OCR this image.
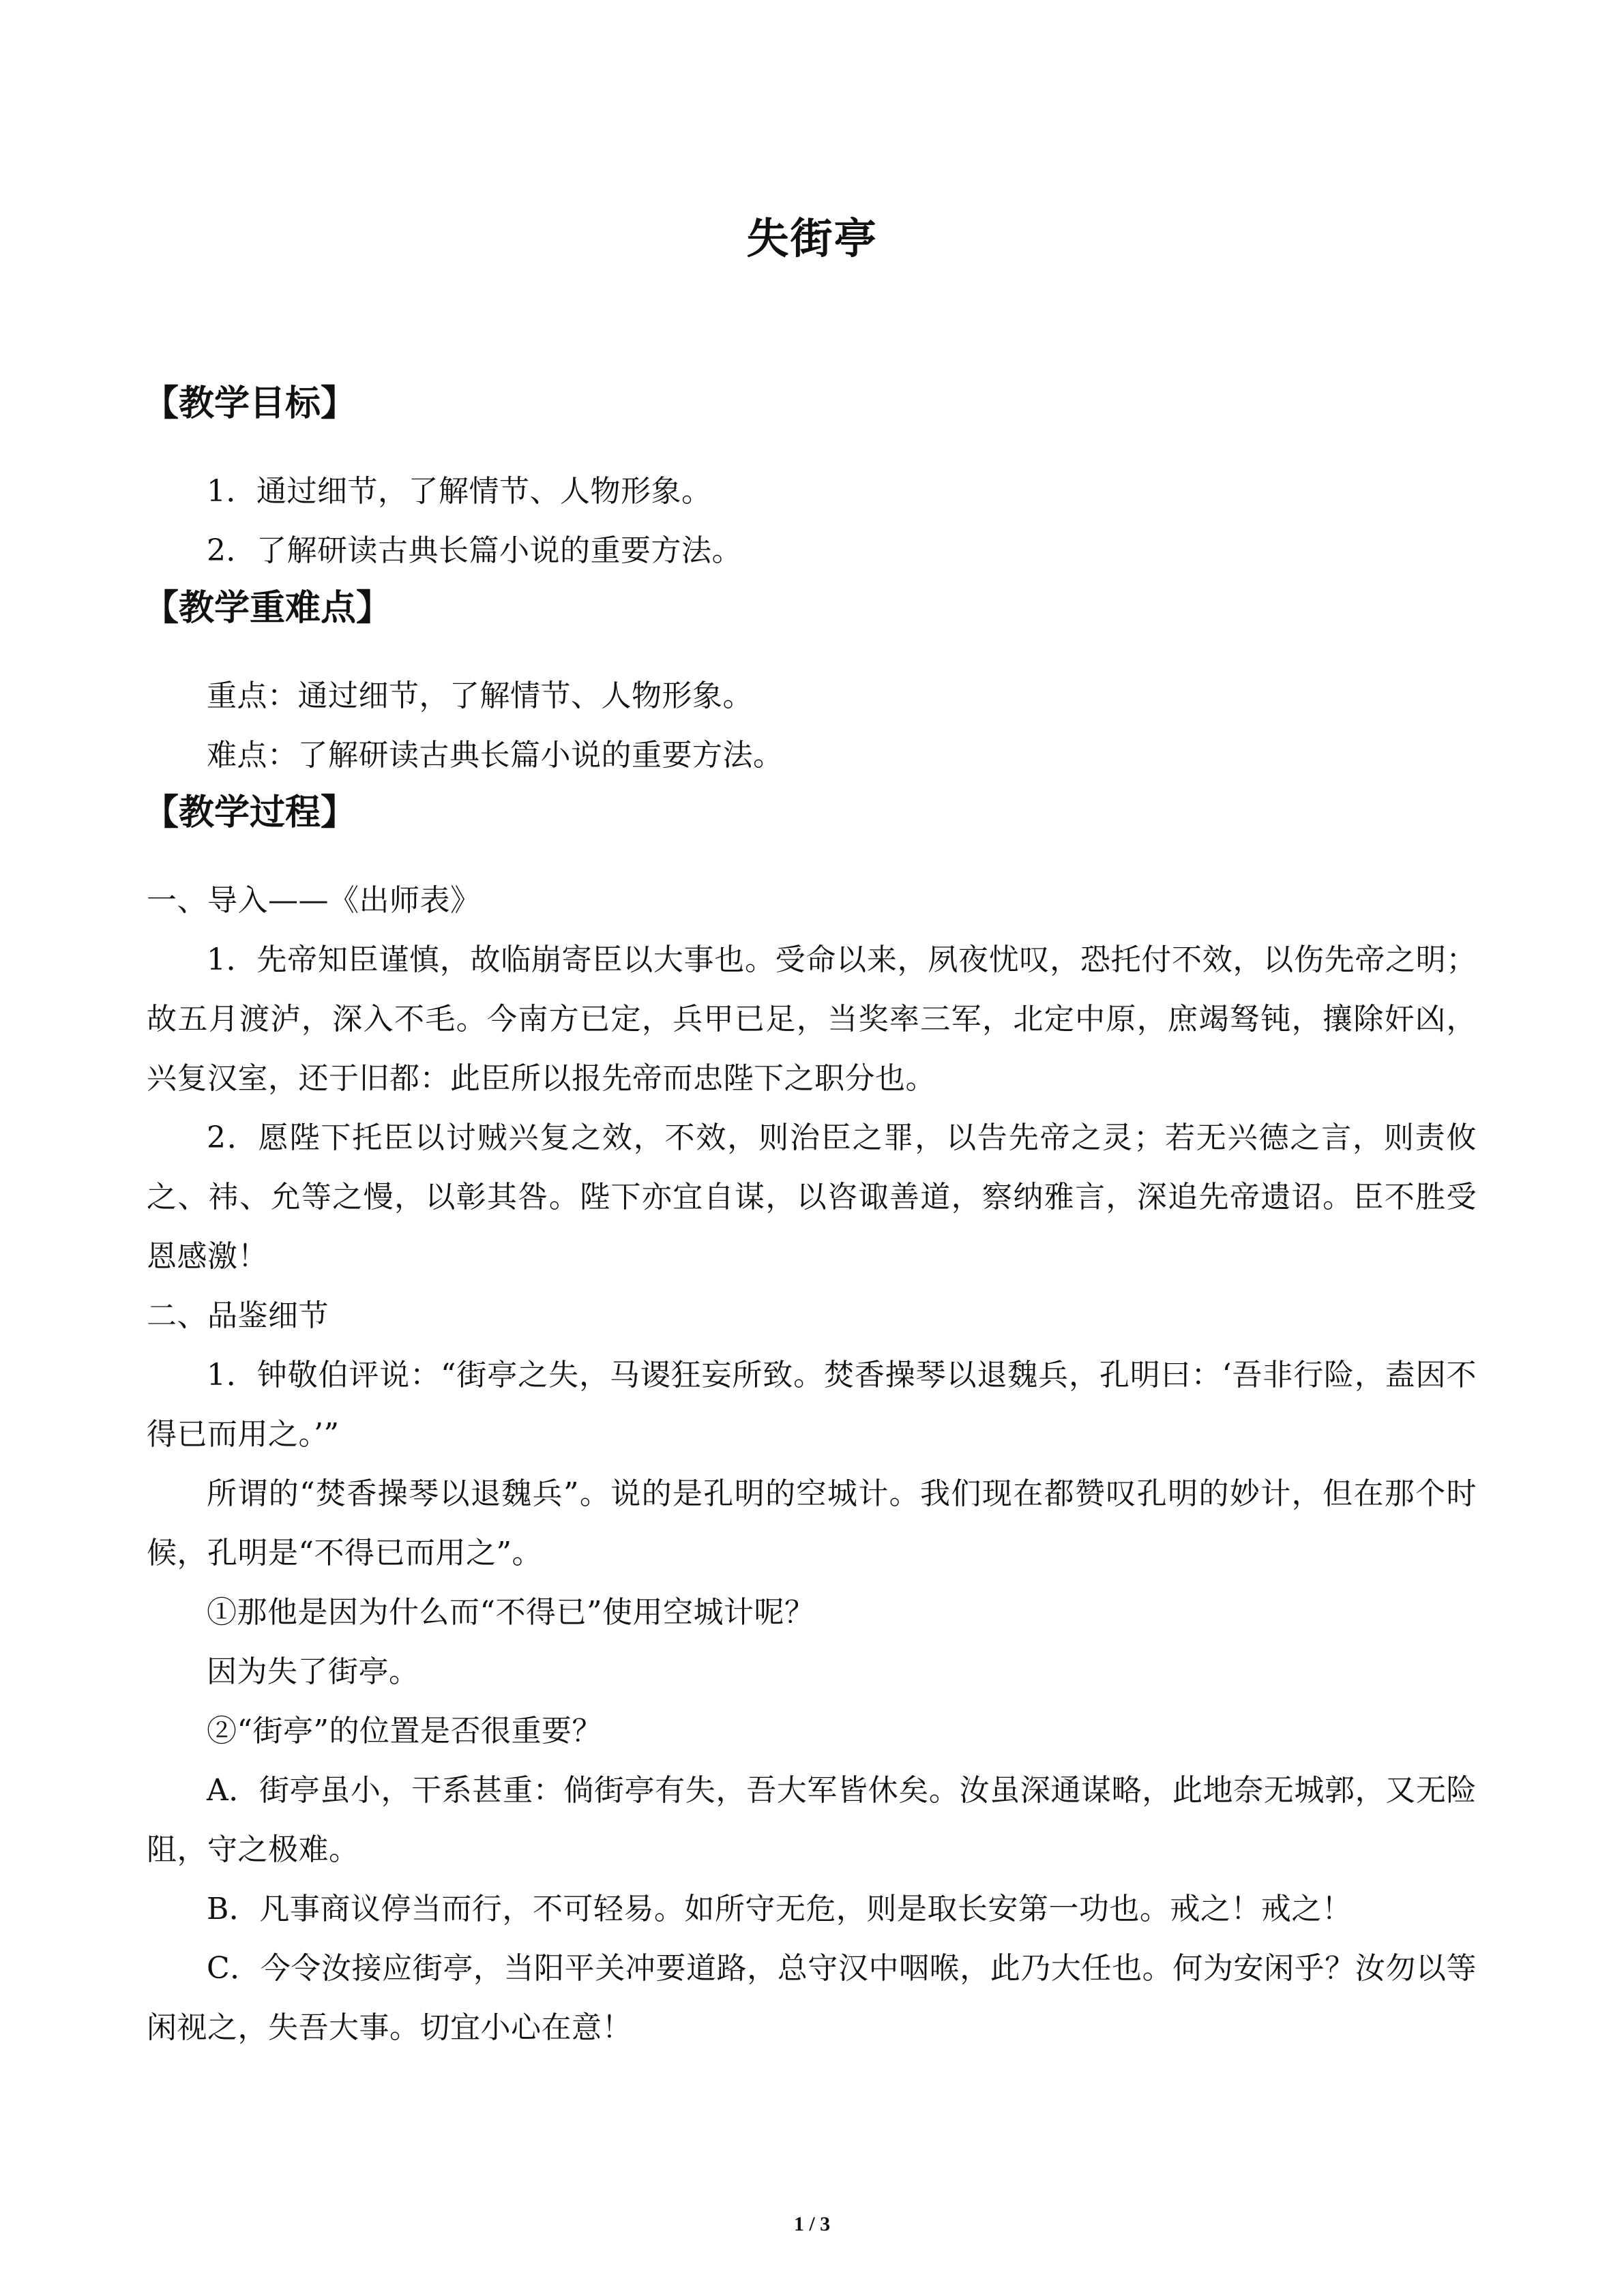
失街亭
【教学目标】
1．通过细节，了解情节、人物形象。
2．了解研读古典长篇小说的重要方法。
【教学重难点】
重点：通过细节，了解情节、人物形象。
难点：了解研读古典长篇小说的重要方法。
【教学过程】
一、导入——《出师表》
1．先帝知臣谨慎，故临崩寄臣以大事也。受命以来，夙夜忧叹，恐托付不效，以伤先帝之明；故五月渡泸，深入不毛。今南方已定，兵甲已足，当奖率三军，北定中原，庶竭驽钝，攘除奸凶，兴复汉室，还于旧都：此臣所以报先帝而忠陛下之职分也。
2．愿陛下托臣以讨贼兴复之效，不效，则治臣之罪，以告先帝之灵；若无兴德之言，则责攸之、祎、允等之慢，以彰其咎。陛下亦宜自谋，以咨诹善道，察纳雅言，深追先帝遗诏。臣不胜受恩感激！
二、品鉴细节
1．钟敬伯评说：“街亭之失，马谡狂妄所致。焚香操琴以退魏兵，孔明曰：‘吾非行险，盍因不得已而用之。’”
所谓的“焚香操琴以退魏兵”。说的是孔明的空城计。我们现在都赞叹孔明的妙计，但在那个时候，孔明是“不得已而用之”。
①那他是因为什么而“不得已”使用空城计呢？
因为失了街亭。
②“街亭”的位置是否很重要？
A．街亭虽小，干系甚重：倘街亭有失，吾大军皆休矣。汝虽深通谋略，此地奈无城郭，又无险阻，守之极难。
B．凡事商议停当而行，不可轻易。如所守无危，则是取长安第一功也。戒之！戒之！
C．今令汝接应街亭，当阳平关冲要道路，总守汉中咽喉，此乃大任也。何为安闲乎？汝勿以等闲视之，失吾大事。切宜小心在意！
1 / 3
